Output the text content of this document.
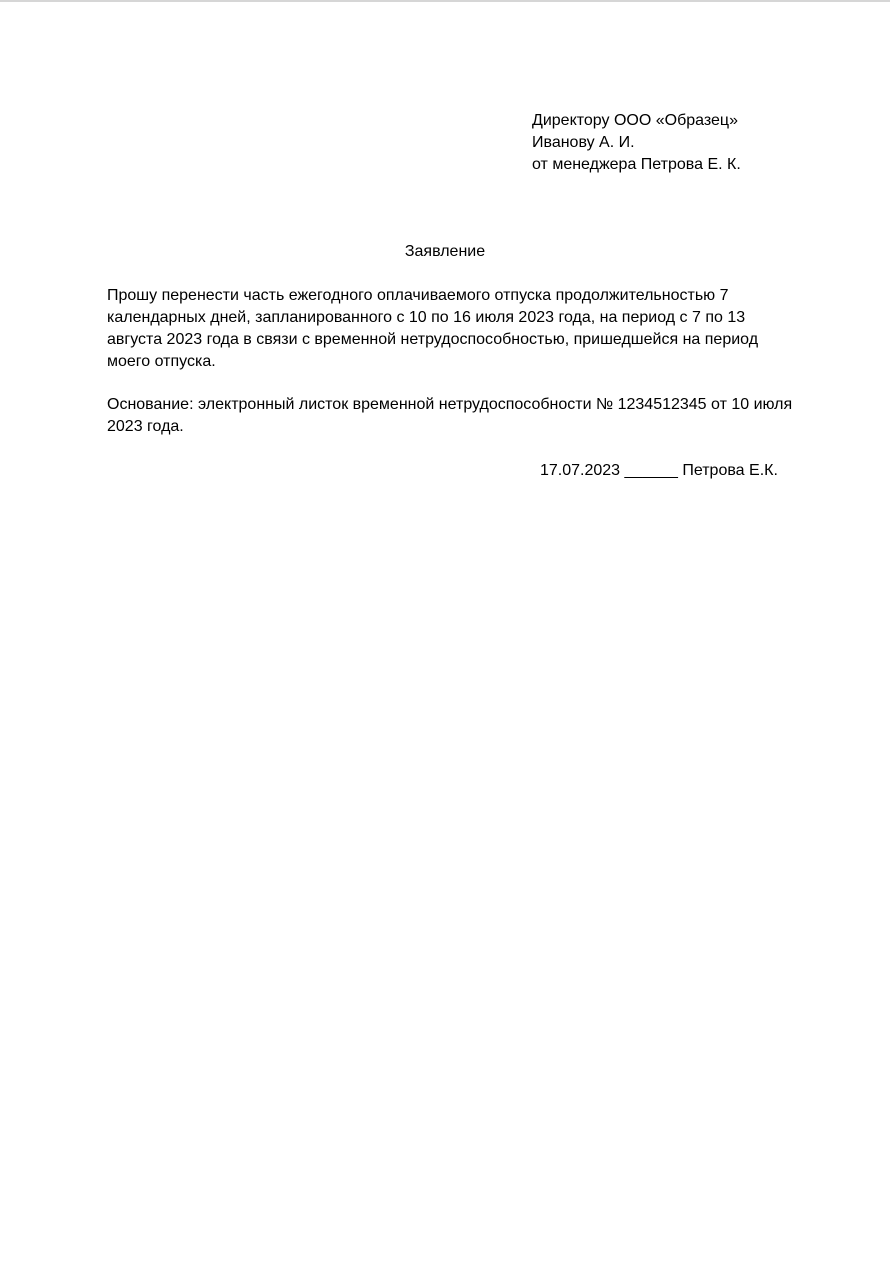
Директору ООО «Образец»
Иванову А. И.
от менеджера Петрова Е. К.
Заявление

Прошу перенести часть ежегодного оплачиваемого отпуска продолжительностью 7 календарных дней, запланированного с 10 по 16 июля 2023 года, на период с 7 по 13 августа 2023 года в связи с временной нетрудоспособностью, пришедшейся на период моего отпуска.

Основание: электронный листок временной нетрудоспособности № 1234512345 от 10 июля 2023 года.

17.07.2023 ______ Петрова Е.К.
